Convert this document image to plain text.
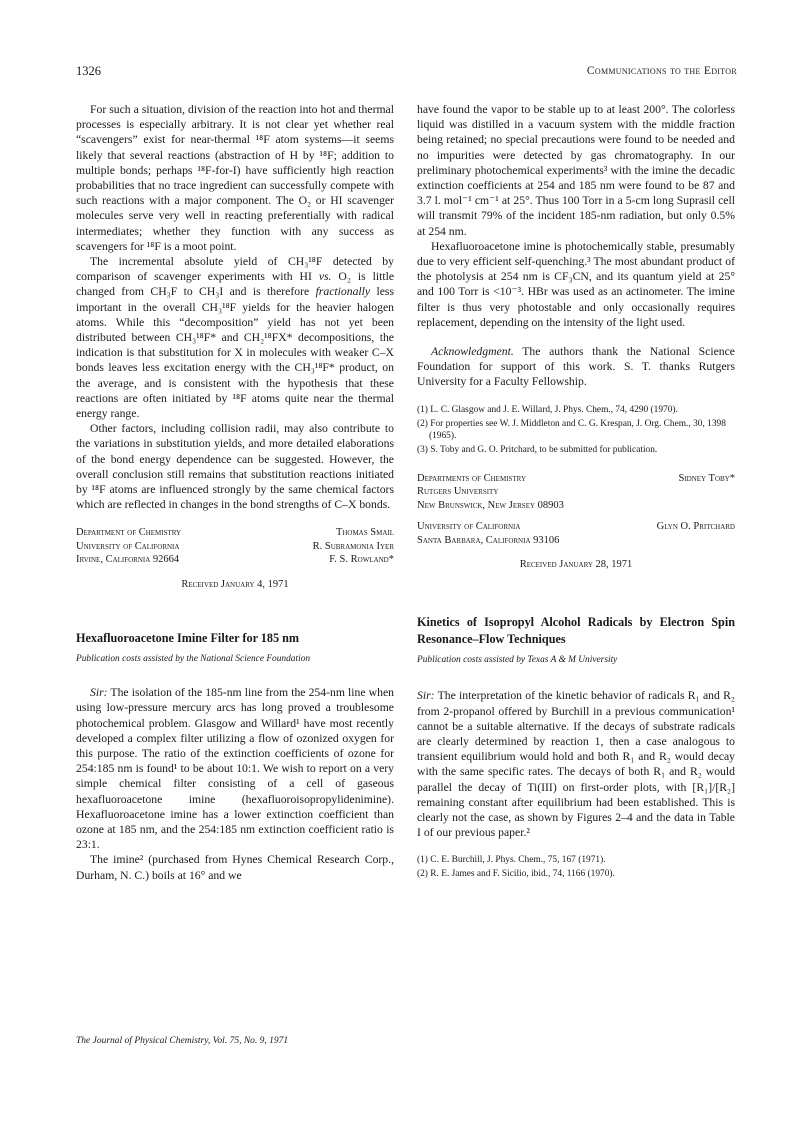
1326	Communications to the Editor

For such a situation, division of the reaction into hot and thermal processes is especially arbitrary. It is not clear yet whether real “scavengers” exist for near-thermal ¹⁸F atom systems—it seems likely that several reactions (abstraction of H by ¹⁸F; addition to multiple bonds; perhaps ¹⁸F-for-I) have sufficiently high reaction probabilities that no trace ingredient can successfully compete with such reactions with a major component. The O₂ or HI scavenger molecules serve very well in reacting preferentially with radical intermediates; whether they function with any success as scavengers for ¹⁸F is a moot point.

The incremental absolute yield of CH₃¹⁸F detected by comparison of scavenger experiments with HI vs. O₂ is little changed from CH₃F to CH₃I and is therefore fractionally less important in the overall CH₃¹⁸F yields for the heavier halogen atoms. While this “decomposition” yield has not yet been distributed between CH₃¹⁸F* and CH₂¹⁸FX* decompositions, the indication is that substitution for X in molecules with weaker C–X bonds leaves less excitation energy with the CH₃¹⁸F* product, on the average, and is consistent with the hypothesis that these reactions are often initiated by ¹⁸F atoms quite near the thermal energy range.

Other factors, including collision radii, may also contribute to the variations in substitution yields, and more detailed elaborations of the bond energy dependence can be suggested. However, the overall conclusion still remains that substitution reactions initiated by ¹⁸F atoms are influenced strongly by the same chemical factors which are reflected in changes in the bond strengths of C–X bonds.

Department of Chemistry	Thomas Smail
University of California	R. Subramonia Iyer
Irvine, California 92664	F. S. Rowland*
Received January 4, 1971

Hexafluoroacetone Imine Filter for 185 nm

Publication costs assisted by the National Science Foundation

Sir: The isolation of the 185-nm line from the 254-nm line when using low-pressure mercury arcs has long proved a troublesome photochemical problem. Glasgow and Willard¹ have most recently developed a complex filter utilizing a flow of ozonized oxygen for this purpose. The ratio of the extinction coefficients of ozone for 254:185 nm is found¹ to be about 10:1. We wish to report on a very simple chemical filter consisting of a cell of gaseous hexafluoroacetone imine (hexafluoroisopropylidenimine). Hexafluoroacetone imine has a lower extinction coefficient than ozone at 185 nm, and the 254:185 nm extinction coefficient ratio is 23:1.

The imine² (purchased from Hynes Chemical Research Corp., Durham, N. C.) boils at 16° and we

have found the vapor to be stable up to at least 200°. The colorless liquid was distilled in a vacuum system with the middle fraction being retained; no special precautions were found to be needed and no impurities were detected by gas chromatography. In our preliminary photochemical experiments³ with the imine the decadic extinction coefficients at 254 and 185 nm were found to be 87 and 3.7 l. mol⁻¹ cm⁻¹ at 25°. Thus 100 Torr in a 5-cm long Suprasil cell will transmit 79% of the incident 185-nm radiation, but only 0.5% at 254 nm.

Hexafluoroacetone imine is photochemically stable, presumably due to very efficient self-quenching.³ The most abundant product of the photolysis at 254 nm is CF₃CN, and its quantum yield at 25° and 100 Torr is <10⁻³. HBr was used as an actinometer. The imine filter is thus very photostable and only occasionally requires replacement, depending on the intensity of the light used.

Acknowledgment. The authors thank the National Science Foundation for support of this work. S. T. thanks Rutgers University for a Faculty Fellowship.

(1) L. C. Glasgow and J. E. Willard, J. Phys. Chem., 74, 4290 (1970).

(2) For properties see W. J. Middleton and C. G. Krespan, J. Org. Chem., 30, 1398 (1965).

(3) S. Toby and G. O. Pritchard, to be submitted for publication.

Departments of Chemistry	Sidney Toby*
Rutgers University
New Brunswick, New Jersey 08903
University of California	Glyn O. Pritchard
Santa Barbara, California 93106
Received January 28, 1971

Kinetics of Isopropyl Alcohol Radicals by Electron Spin Resonance–Flow Techniques

Publication costs assisted by Texas A & M University

Sir: The interpretation of the kinetic behavior of radicals R₁ and R₂ from 2-propanol offered by Burchill in a previous communication¹ cannot be a suitable alternative. If the decays of substrate radicals are clearly determined by reaction 1, then a case analogous to transient equilibrium would hold and both R₁ and R₂ would decay with the same specific rates. The decays of both R₁ and R₂ would parallel the decay of Ti(III) on first-order plots, with [R₁]/[R₂] remaining constant after equilibrium had been established. This is clearly not the case, as shown by Figures 2–4 and the data in Table I of our previous paper.²

(1) C. E. Burchill, J. Phys. Chem., 75, 167 (1971).

(2) R. E. James and F. Sicilio, ibid., 74, 1166 (1970).

The Journal of Physical Chemistry, Vol. 75, No. 9, 1971
